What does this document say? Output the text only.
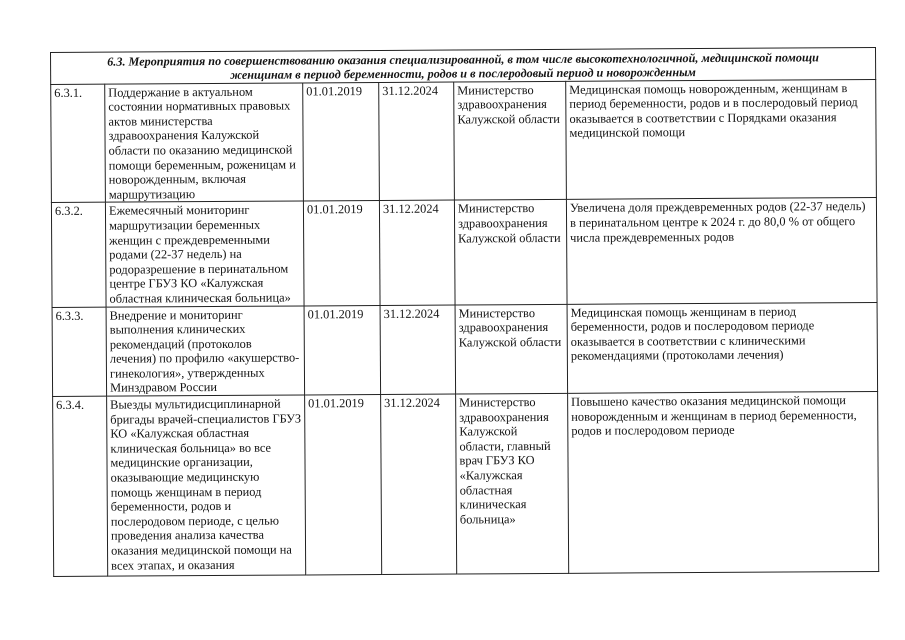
6.3. Мероприятия по совершенствованию оказания специализированной, в том числе высокотехнологичной, медицинской помощи
женщинам в период беременности, родов и в послеродовый период и новорожденным					

6.3.1.	Поддержание в актуальном состоянии нормативных правовых актов министерства здравоохранения Калужской области по оказанию медицинской помощи беременным, роженицам и новорожденным, включая маршрутизацию	01.01.2019	31.12.2024	Министерство здравоохранения Калужской области	Медицинская помощь новорожденным, женщинам в период беременности, родов и в послеродовый период оказывается в соответствии с Порядками оказания медицинской помощи
6.3.2.	Ежемесячный мониторинг маршрутизации беременных женщин с преждевременными родами (22-37 недель) на родоразрешение в перинатальном центре ГБУЗ КО «Калужская областная клиническая больница»	01.01.2019	31.12.2024	Министерство здравоохранения Калужской области	Увеличена доля преждевременных родов (22-37 недель) в перинатальном центре к 2024 г. до 80,0 % от общего числа преждевременных родов
6.3.3.	Внедрение и мониторинг выполнения клинических рекомендаций (протоколов лечения) по профилю «акушерство-гинекология», утвержденных Минздравом России	01.01.2019	31.12.2024	Министерство здравоохранения Калужской области	Медицинская помощь женщинам в период беременности, родов и послеродовом периоде оказывается в соответствии с клиническими рекомендациями (протоколами лечения)
6.3.4.	Выезды мультидисциплинарной бригады врачей-специалистов ГБУЗ КО «Калужская областная клиническая больница» во все медицинские организации, оказывающие медицинскую помощь женщинам в период беременности, родов и послеродовом периоде, с целью проведения анализа качества оказания медицинской помощи на всех этапах, и оказания	01.01.2019	31.12.2024	Министерство здравоохранения Калужской области, главный врач ГБУЗ КО «Калужская областная клиническая больница»	Повышено качество оказания медицинской помощи новорожденным и женщинам в период беременности, родов и послеродовом периоде
